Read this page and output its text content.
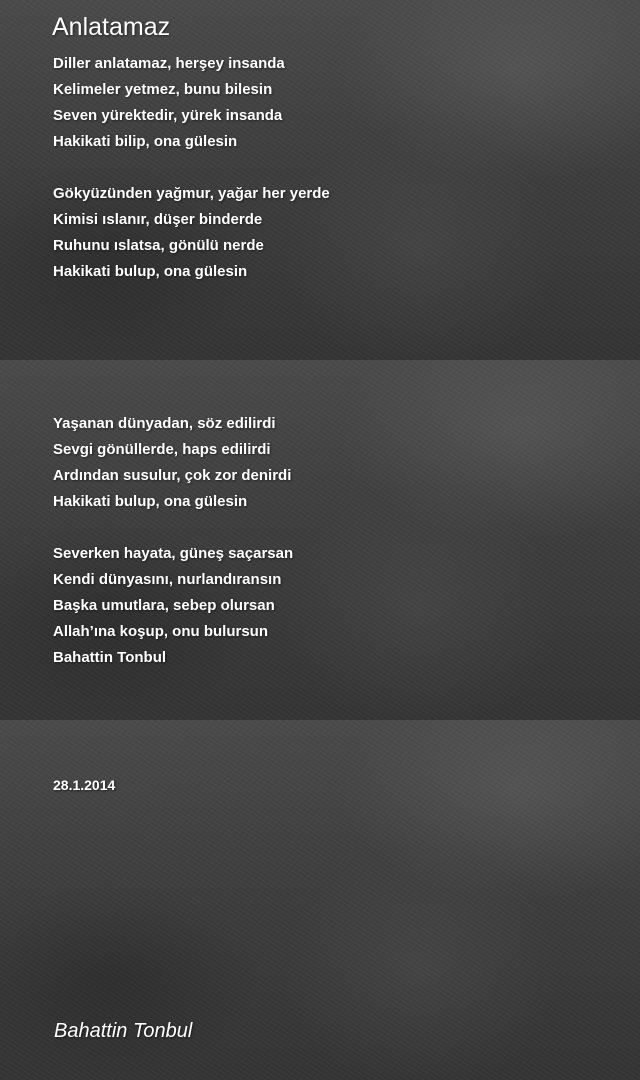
Anlatamaz
Diller anlatamaz, herşey insanda
Kelimeler yetmez, bunu bilesin
Seven yürektedir, yürek insanda
Hakikati bilip, ona gülesin
Gökyüzünden yağmur, yağar her yerde
Kimisi ıslanır, düşer binderde
Ruhunu ıslatsa, gönülü nerde
Hakikati bulup, ona gülesin
Yaşanan dünyadan, söz edilirdi
Sevgi gönüllerde, haps edilirdi
Ardından susulur, çok zor denirdi
Hakikati bulup, ona gülesin
Severken hayata, güneş saçarsan
Kendi dünyasını, nurlandıransın
Başka umutlara, sebep olursan
Allah’ına koşup, onu bulursun
Bahattin Tonbul
28.1.2014
Bahattin Tonbul
